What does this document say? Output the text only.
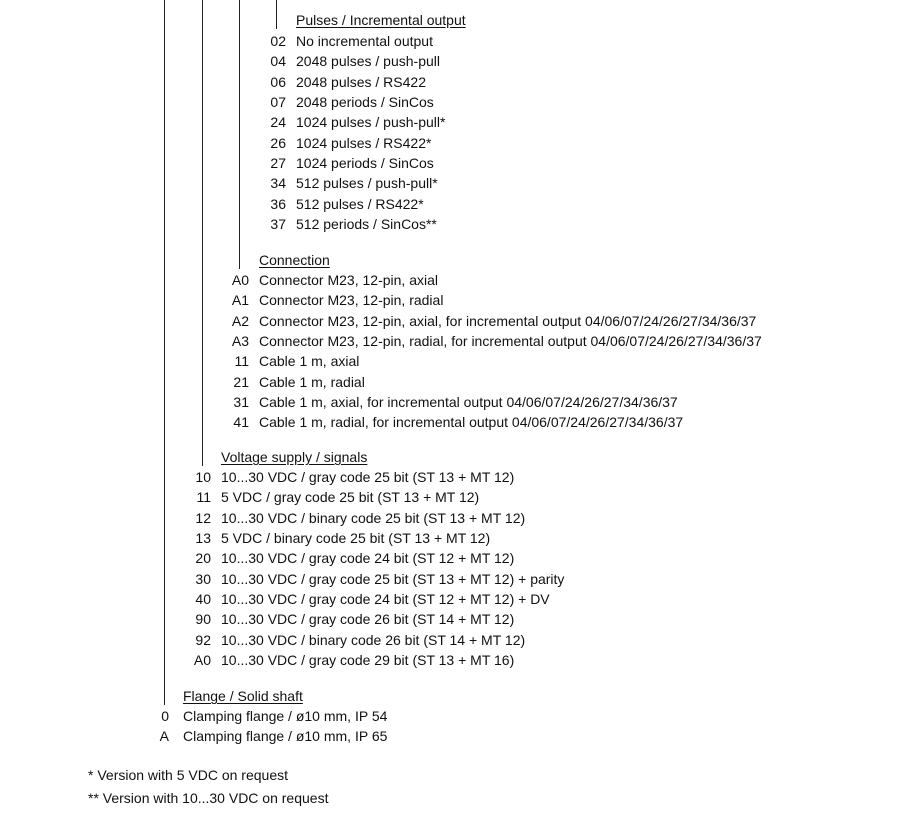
Pulses / Incremental output
02 No incremental output
04 2048 pulses / push-pull
06 2048 pulses / RS422
07 2048 periods / SinCos
24 1024 pulses / push-pull*
26 1024 pulses / RS422*
27 1024 periods / SinCos
34 512 pulses / push-pull*
36 512 pulses / RS422*
37 512 periods / SinCos**
Connection
A0 Connector M23, 12-pin, axial
A1 Connector M23, 12-pin, radial
A2 Connector M23, 12-pin, axial, for incremental output 04/06/07/24/26/27/34/36/37
A3 Connector M23, 12-pin, radial, for incremental output 04/06/07/24/26/27/34/36/37
11 Cable 1 m, axial
21 Cable 1 m, radial
31 Cable 1 m, axial, for incremental output 04/06/07/24/26/27/34/36/37
41 Cable 1 m, radial, for incremental output 04/06/07/24/26/27/34/36/37
Voltage supply / signals
10 10...30 VDC / gray code 25 bit (ST 13 + MT 12)
11 5 VDC / gray code 25 bit (ST 13 + MT 12)
12 10...30 VDC / binary code 25 bit (ST 13 + MT 12)
13 5 VDC / binary code 25 bit (ST 13 + MT 12)
20 10...30 VDC / gray code 24 bit (ST 12 + MT 12)
30 10...30 VDC / gray code 25 bit (ST 13 + MT 12) + parity
40 10...30 VDC / gray code 24 bit (ST 12 + MT 12) + DV
90 10...30 VDC / gray code 26 bit (ST 14 + MT 12)
92 10...30 VDC / binary code 26 bit (ST 14 + MT 12)
A0 10...30 VDC / gray code 29 bit (ST 13 + MT 16)
Flange / Solid shaft
0 Clamping flange / ø10 mm, IP 54
A Clamping flange / ø10 mm, IP 65
* Version with 5 VDC on request
** Version with 10...30 VDC on request
